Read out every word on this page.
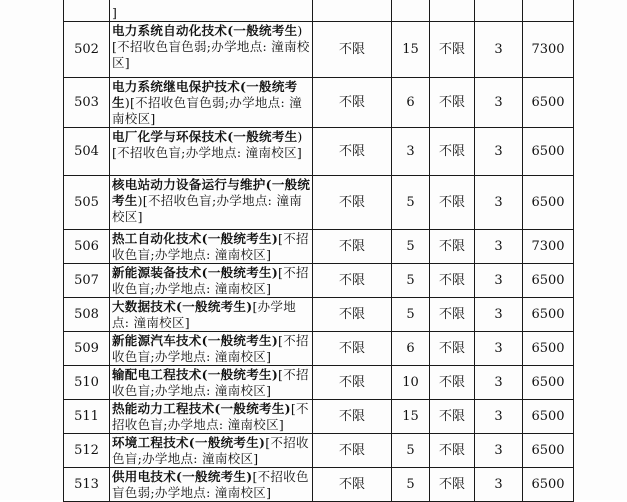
	]					
502	电力系统自动化技术(一般统考生)[不招收色盲色弱;办学地点: 潼南校区]	不限	15	不限	3	7300
503	电力系统继电保护技术(一般统考生)[不招收色盲色弱;办学地点: 潼南校区]	不限	6	不限	3	6500
504	电厂化学与环保技术(一般统考生)[不招收色盲;办学地点: 潼南校区]	不限	3	不限	3	6500
505	核电站动力设备运行与维护(一般统考生)[不招收色盲;办学地点: 潼南校区]	不限	5	不限	3	6500
506	热工自动化技术(一般统考生)[不招收色盲;办学地点: 潼南校区]	不限	5	不限	3	7300
507	新能源装备技术(一般统考生)[不招收色盲;办学地点: 潼南校区]	不限	5	不限	3	6500
508	大数据技术(一般统考生)[办学地点: 潼南校区]	不限	5	不限	3	6500
509	新能源汽车技术(一般统考生)[不招收色盲;办学地点: 潼南校区]	不限	6	不限	3	6500
510	输配电工程技术(一般统考生)[不招收色盲;办学地点: 潼南校区]	不限	10	不限	3	6500
511	热能动力工程技术(一般统考生)[不招收色盲;办学地点: 潼南校区]	不限	15	不限	3	6500
512	环境工程技术(一般统考生)[不招收色盲;办学地点: 潼南校区]	不限	5	不限	3	6500
513	供用电技术(一般统考生)[不招收色盲色弱;办学地点: 潼南校区]	不限	5	不限	3	6500
